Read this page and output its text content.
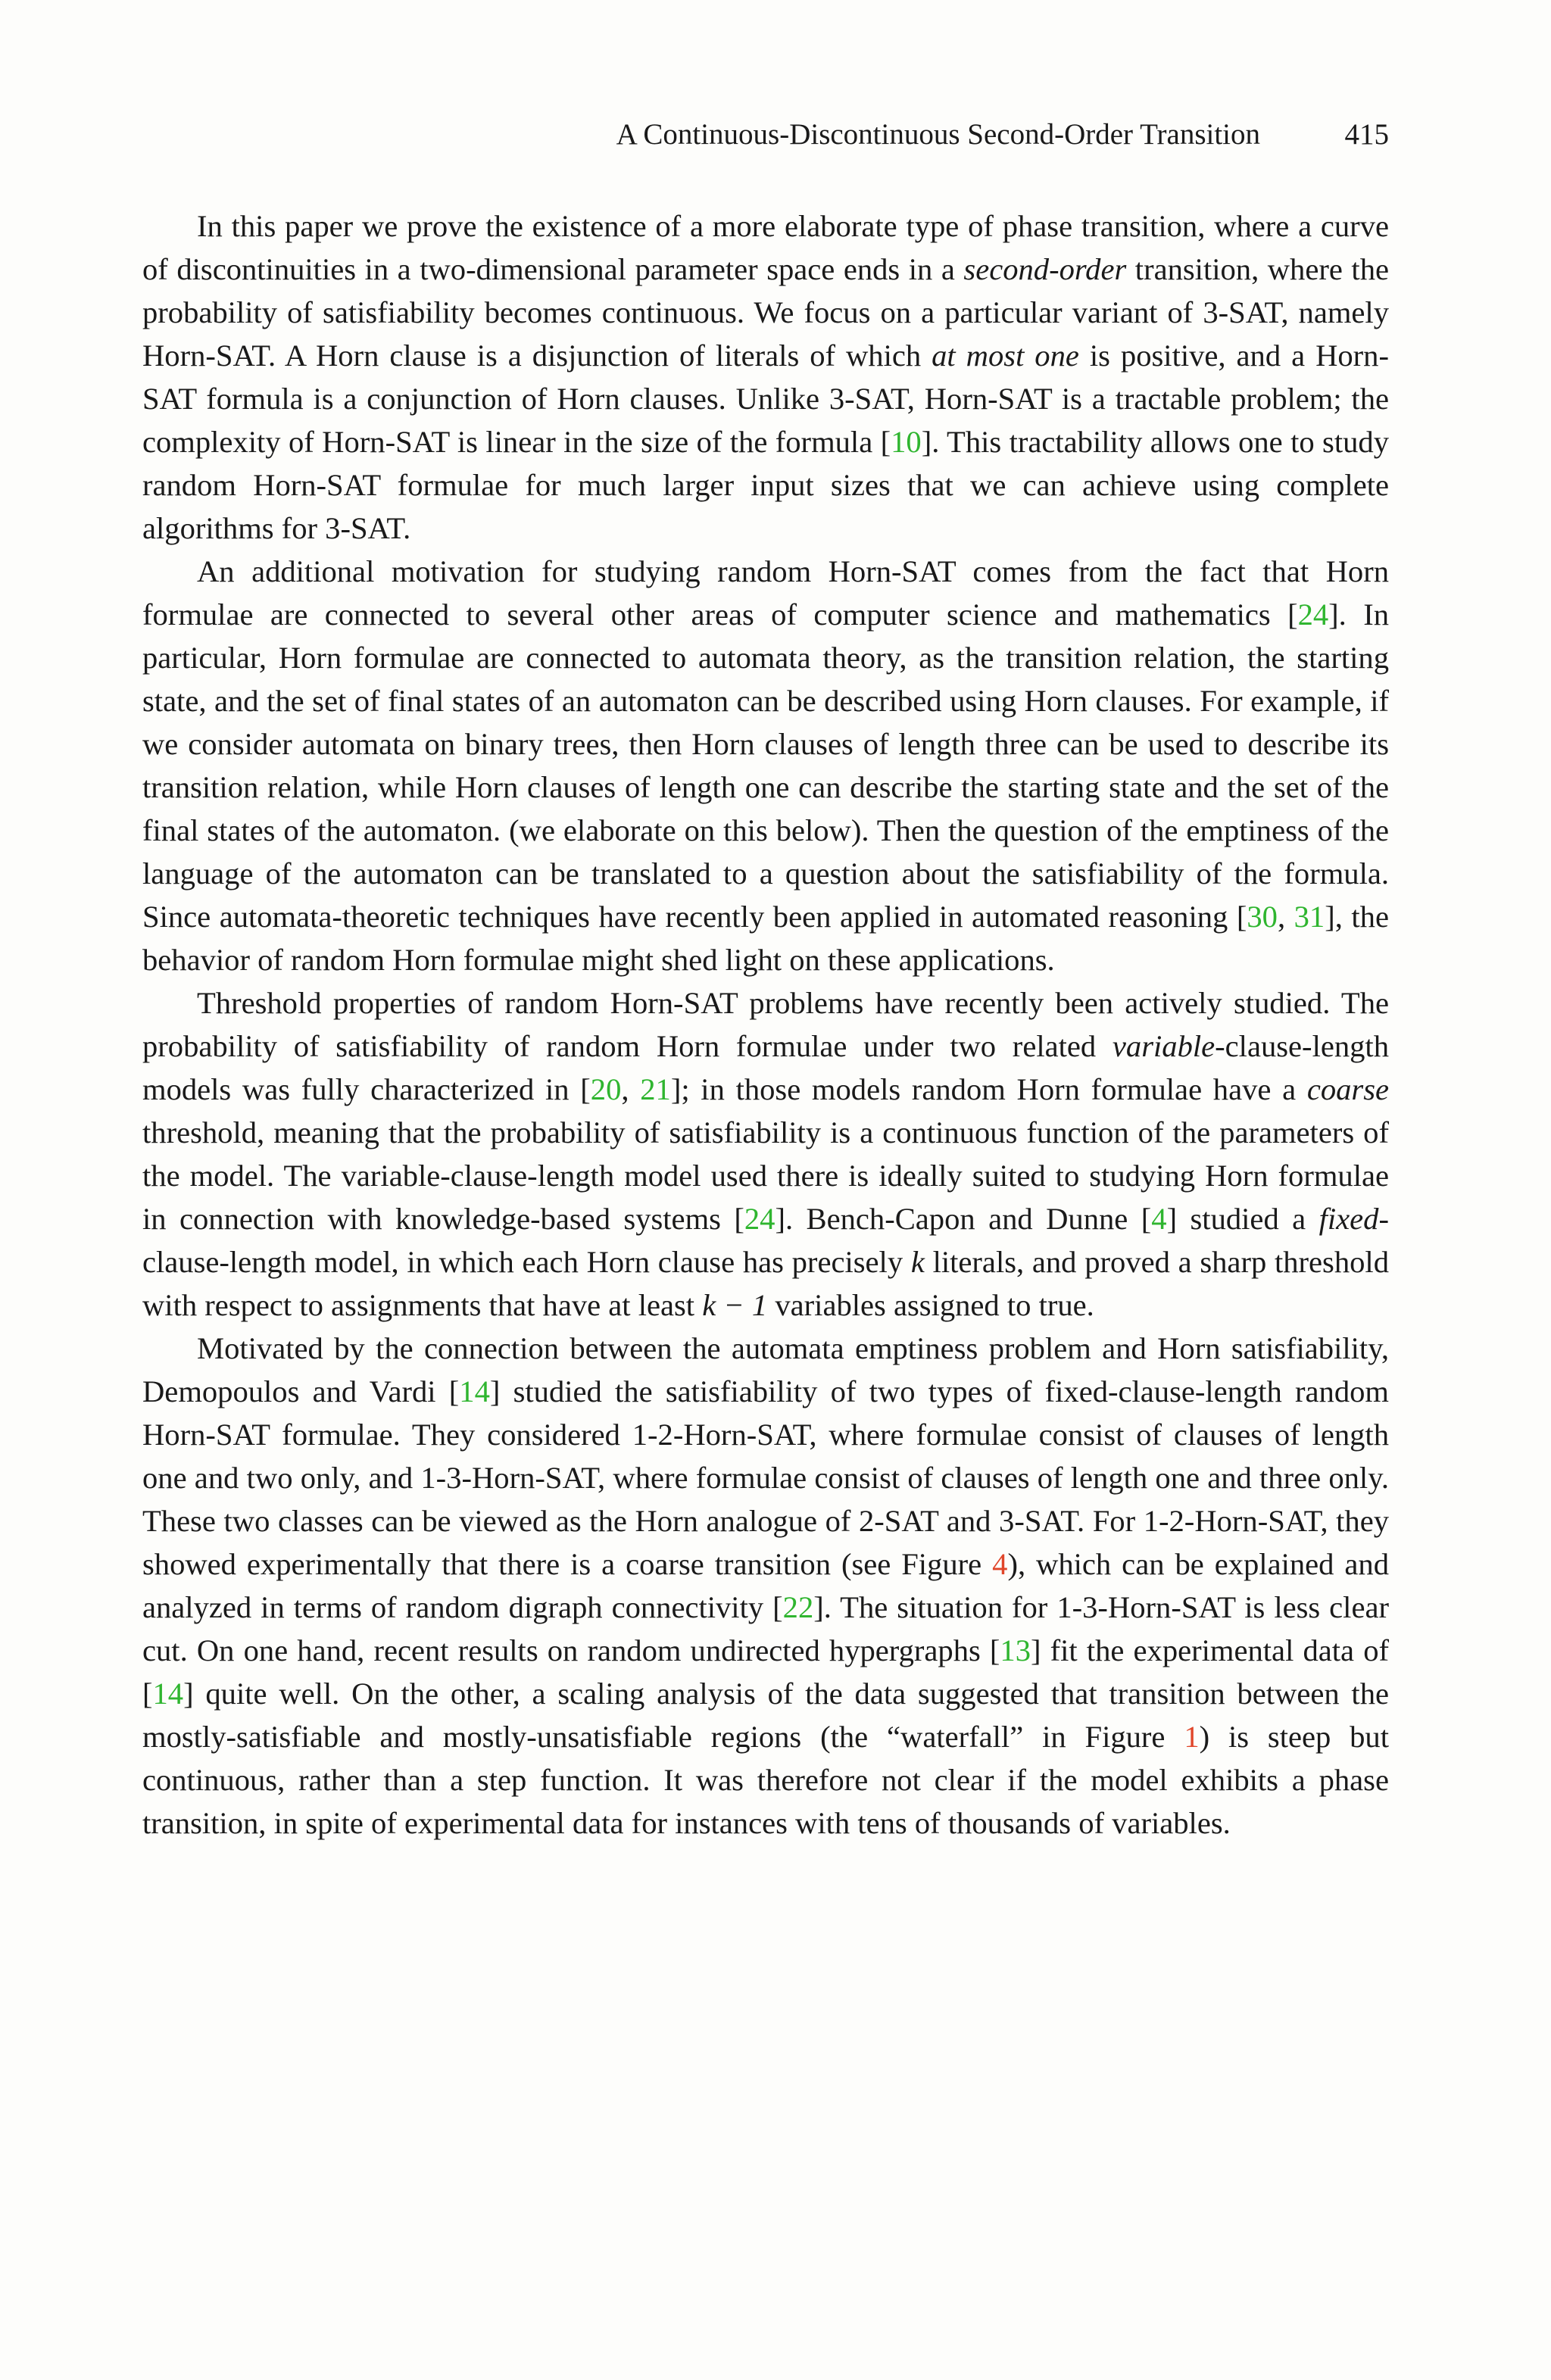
A Continuous-Discontinuous Second-Order Transition	415

In this paper we prove the existence of a more elaborate type of phase transition, where a curve of discontinuities in a two-dimensional parameter space ends in a second-order transition, where the probability of satisfiability becomes continuous. We focus on a particular variant of 3-SAT, namely Horn-SAT. A Horn clause is a disjunction of literals of which at most one is positive, and a Horn-SAT formula is a conjunction of Horn clauses. Unlike 3-SAT, Horn-SAT is a tractable problem; the complexity of Horn-SAT is linear in the size of the formula [10]. This tractability allows one to study random Horn-SAT formulae for much larger input sizes that we can achieve using complete algorithms for 3-SAT.

An additional motivation for studying random Horn-SAT comes from the fact that Horn formulae are connected to several other areas of computer science and mathematics [24]. In particular, Horn formulae are connected to automata theory, as the transition relation, the starting state, and the set of final states of an automaton can be described using Horn clauses. For example, if we consider automata on binary trees, then Horn clauses of length three can be used to describe its transition relation, while Horn clauses of length one can describe the starting state and the set of the final states of the automaton. (we elaborate on this below). Then the question of the emptiness of the language of the automaton can be translated to a question about the satisfiability of the formula. Since automata-theoretic techniques have recently been applied in automated reasoning [30, 31], the behavior of random Horn formulae might shed light on these applications.

Threshold properties of random Horn-SAT problems have recently been actively studied. The probability of satisfiability of random Horn formulae under two related variable-clause-length models was fully characterized in [20, 21]; in those models random Horn formulae have a coarse threshold, meaning that the probability of satisfiability is a continuous function of the parameters of the model. The variable-clause-length model used there is ideally suited to studying Horn formulae in connection with knowledge-based systems [24]. Bench-Capon and Dunne [4] studied a fixed-clause-length model, in which each Horn clause has precisely k literals, and proved a sharp threshold with respect to assignments that have at least k − 1 variables assigned to true.

Motivated by the connection between the automata emptiness problem and Horn satisfiability, Demopoulos and Vardi [14] studied the satisfiability of two types of fixed-clause-length random Horn-SAT formulae. They considered 1-2-Horn-SAT, where formulae consist of clauses of length one and two only, and 1-3-Horn-SAT, where formulae consist of clauses of length one and three only. These two classes can be viewed as the Horn analogue of 2-SAT and 3-SAT. For 1-2-Horn-SAT, they showed experimentally that there is a coarse transition (see Figure 4), which can be explained and analyzed in terms of random digraph connectivity [22]. The situation for 1-3-Horn-SAT is less clear cut. On one hand, recent results on random undirected hypergraphs [13] fit the experimental data of [14] quite well. On the other, a scaling analysis of the data suggested that transition between the mostly-satisfiable and mostly-unsatisfiable regions (the “waterfall” in Figure 1) is steep but continuous, rather than a step function. It was therefore not clear if the model exhibits a phase transition, in spite of experimental data for instances with tens of thousands of variables.
